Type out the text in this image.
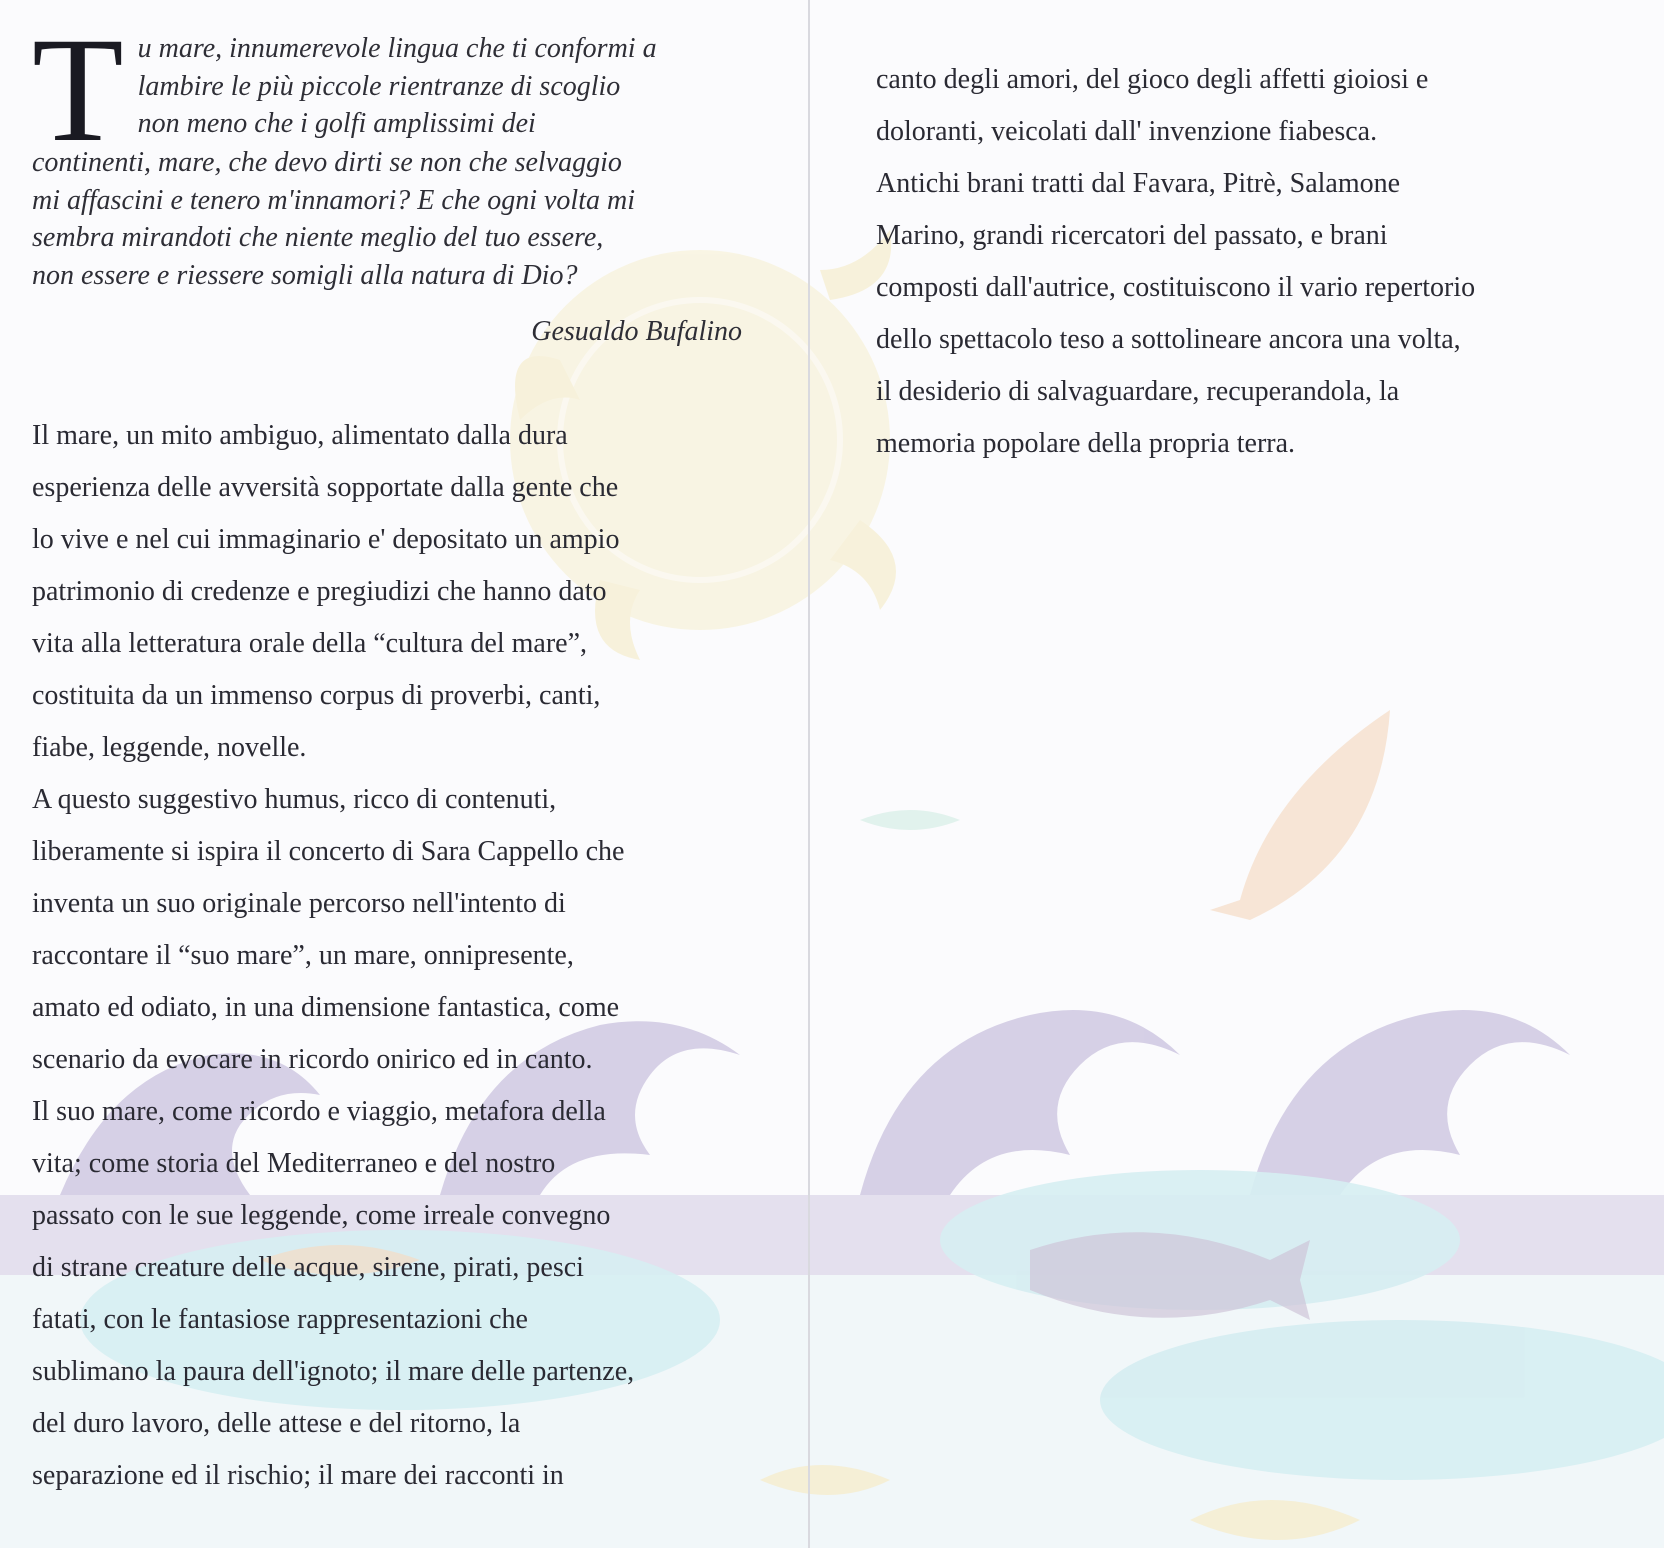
T u mare, innumerevole lingua che ti conformi a
lambire le più piccole rientranze di scoglio
non meno che i golfi amplissimi dei
continenti, mare, che devo dirti se non che selvaggio
mi affascini e tenero m'innamori? E che ogni volta mi
sembra mirandoti che niente meglio del tuo essere,
non essere e riessere somigli alla natura di Dio?
Gesualdo Bufalino

Il mare, un mito ambiguo, alimentato dalla dura
esperienza delle avversità sopportate dalla gente che
lo vive e nel cui immaginario e' depositato un ampio
patrimonio di credenze e pregiudizi che hanno dato
vita alla letteratura orale della “cultura del mare”,
costituita da un immenso corpus di proverbi, canti,
fiabe, leggende, novelle.

A questo suggestivo humus, ricco di contenuti,
liberamente si ispira il concerto di Sara Cappello che
inventa un suo originale percorso nell'intento di
raccontare il “suo mare”, un mare, onnipresente,
amato ed odiato, in una dimensione fantastica, come
scenario da evocare in ricordo onirico ed in canto.

Il suo mare, come ricordo e viaggio, metafora della
vita; come storia del Mediterraneo e del nostro
passato con le sue leggende, come irreale convegno
di strane creature delle acque, sirene, pirati, pesci
fatati, con le fantasiose rappresentazioni che
sublimano la paura dell'ignoto; il mare delle partenze,
del duro lavoro, delle attese e del ritorno, la
separazione ed il rischio; il mare dei racconti in

canto degli amori, del gioco degli affetti gioiosi e
doloranti, veicolati dall' invenzione fiabesca.

Antichi brani tratti dal Favara, Pitrè, Salamone
Marino, grandi ricercatori del passato, e brani
composti dall'autrice, costituiscono il vario repertorio
dello spettacolo teso a sottolineare ancora una volta,
il desiderio di salvaguardare, recuperandola, la
memoria popolare della propria terra.
